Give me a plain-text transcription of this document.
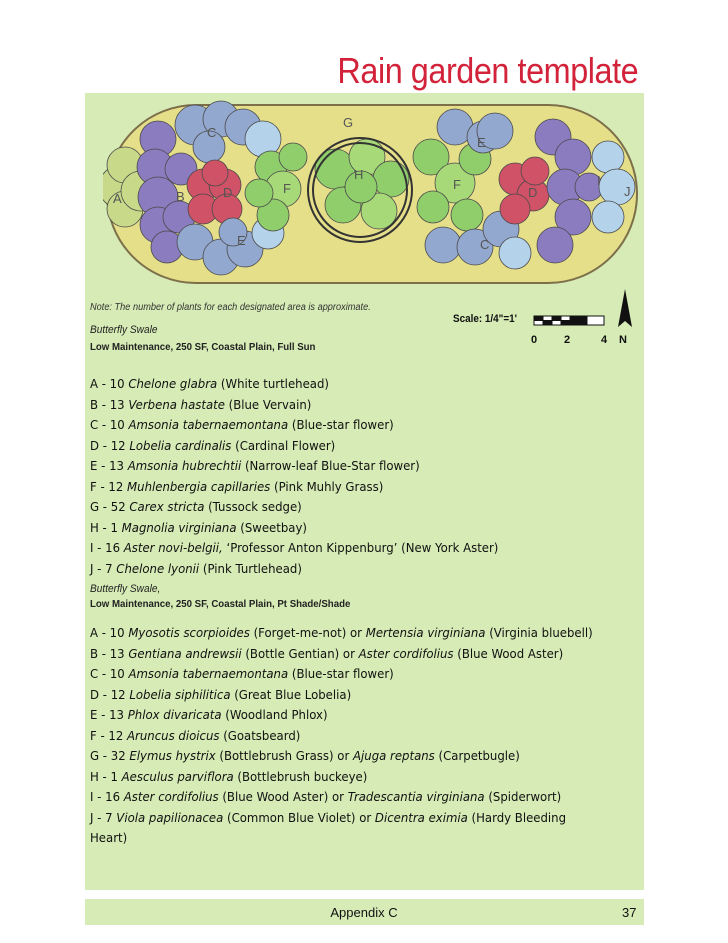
Rain garden template
A	B
C
D
E
F
G
H
F
D
E
C
I
J
Note: The number of plants for each designated area is approximate.
Scale: 1/4"=1'
0 2	4 N
Butterfly Swale
Low Maintenance, 250 SF, Coastal Plain, Full Sun
A - 10 Chelone glabra (White turtlehead)
B - 13 Verbena hastate (Blue Vervain)
C - 10 Amsonia tabernaemontana (Blue-star flower)
D - 12 Lobelia cardinalis (Cardinal Flower)
E - 13 Amsonia hubrechtii (Narrow-leaf Blue-Star flower)
F - 12 Muhlenbergia capillaries (Pink Muhly Grass)
G - 52 Carex stricta (Tussock sedge)
H - 1 Magnolia virginiana (Sweetbay)
I - 16 Aster novi-belgii, ‘Professor Anton Kippenburg’ (New York Aster)
J - 7 Chelone lyonii (Pink Turtlehead)
Butterfly Swale,
Low Maintenance, 250 SF, Coastal Plain, Pt Shade/Shade
A - 10 Myosotis scorpioides (Forget-me-not) or Mertensia virginiana (Virginia bluebell)
B - 13 Gentiana andrewsii (Bottle Gentian) or Aster cordifolius (Blue Wood Aster)
C - 10 Amsonia tabernaemontana (Blue-star flower)
D - 12 Lobelia siphilitica (Great Blue Lobelia)
E - 13 Phlox divaricata (Woodland Phlox)
F - 12 Aruncus dioicus (Goatsbeard)
G - 32 Elymus hystrix (Bottlebrush Grass) or Ajuga reptans (Carpetbugle)
H - 1 Aesculus parviflora (Bottlebrush buckeye)
I - 16 Aster cordifolius (Blue Wood Aster) or Tradescantia virginiana (Spiderwort)
J - 7 Viola papilionacea (Common Blue Violet) or Dicentra eximia (Hardy Bleeding Heart)
Appendix C	37
